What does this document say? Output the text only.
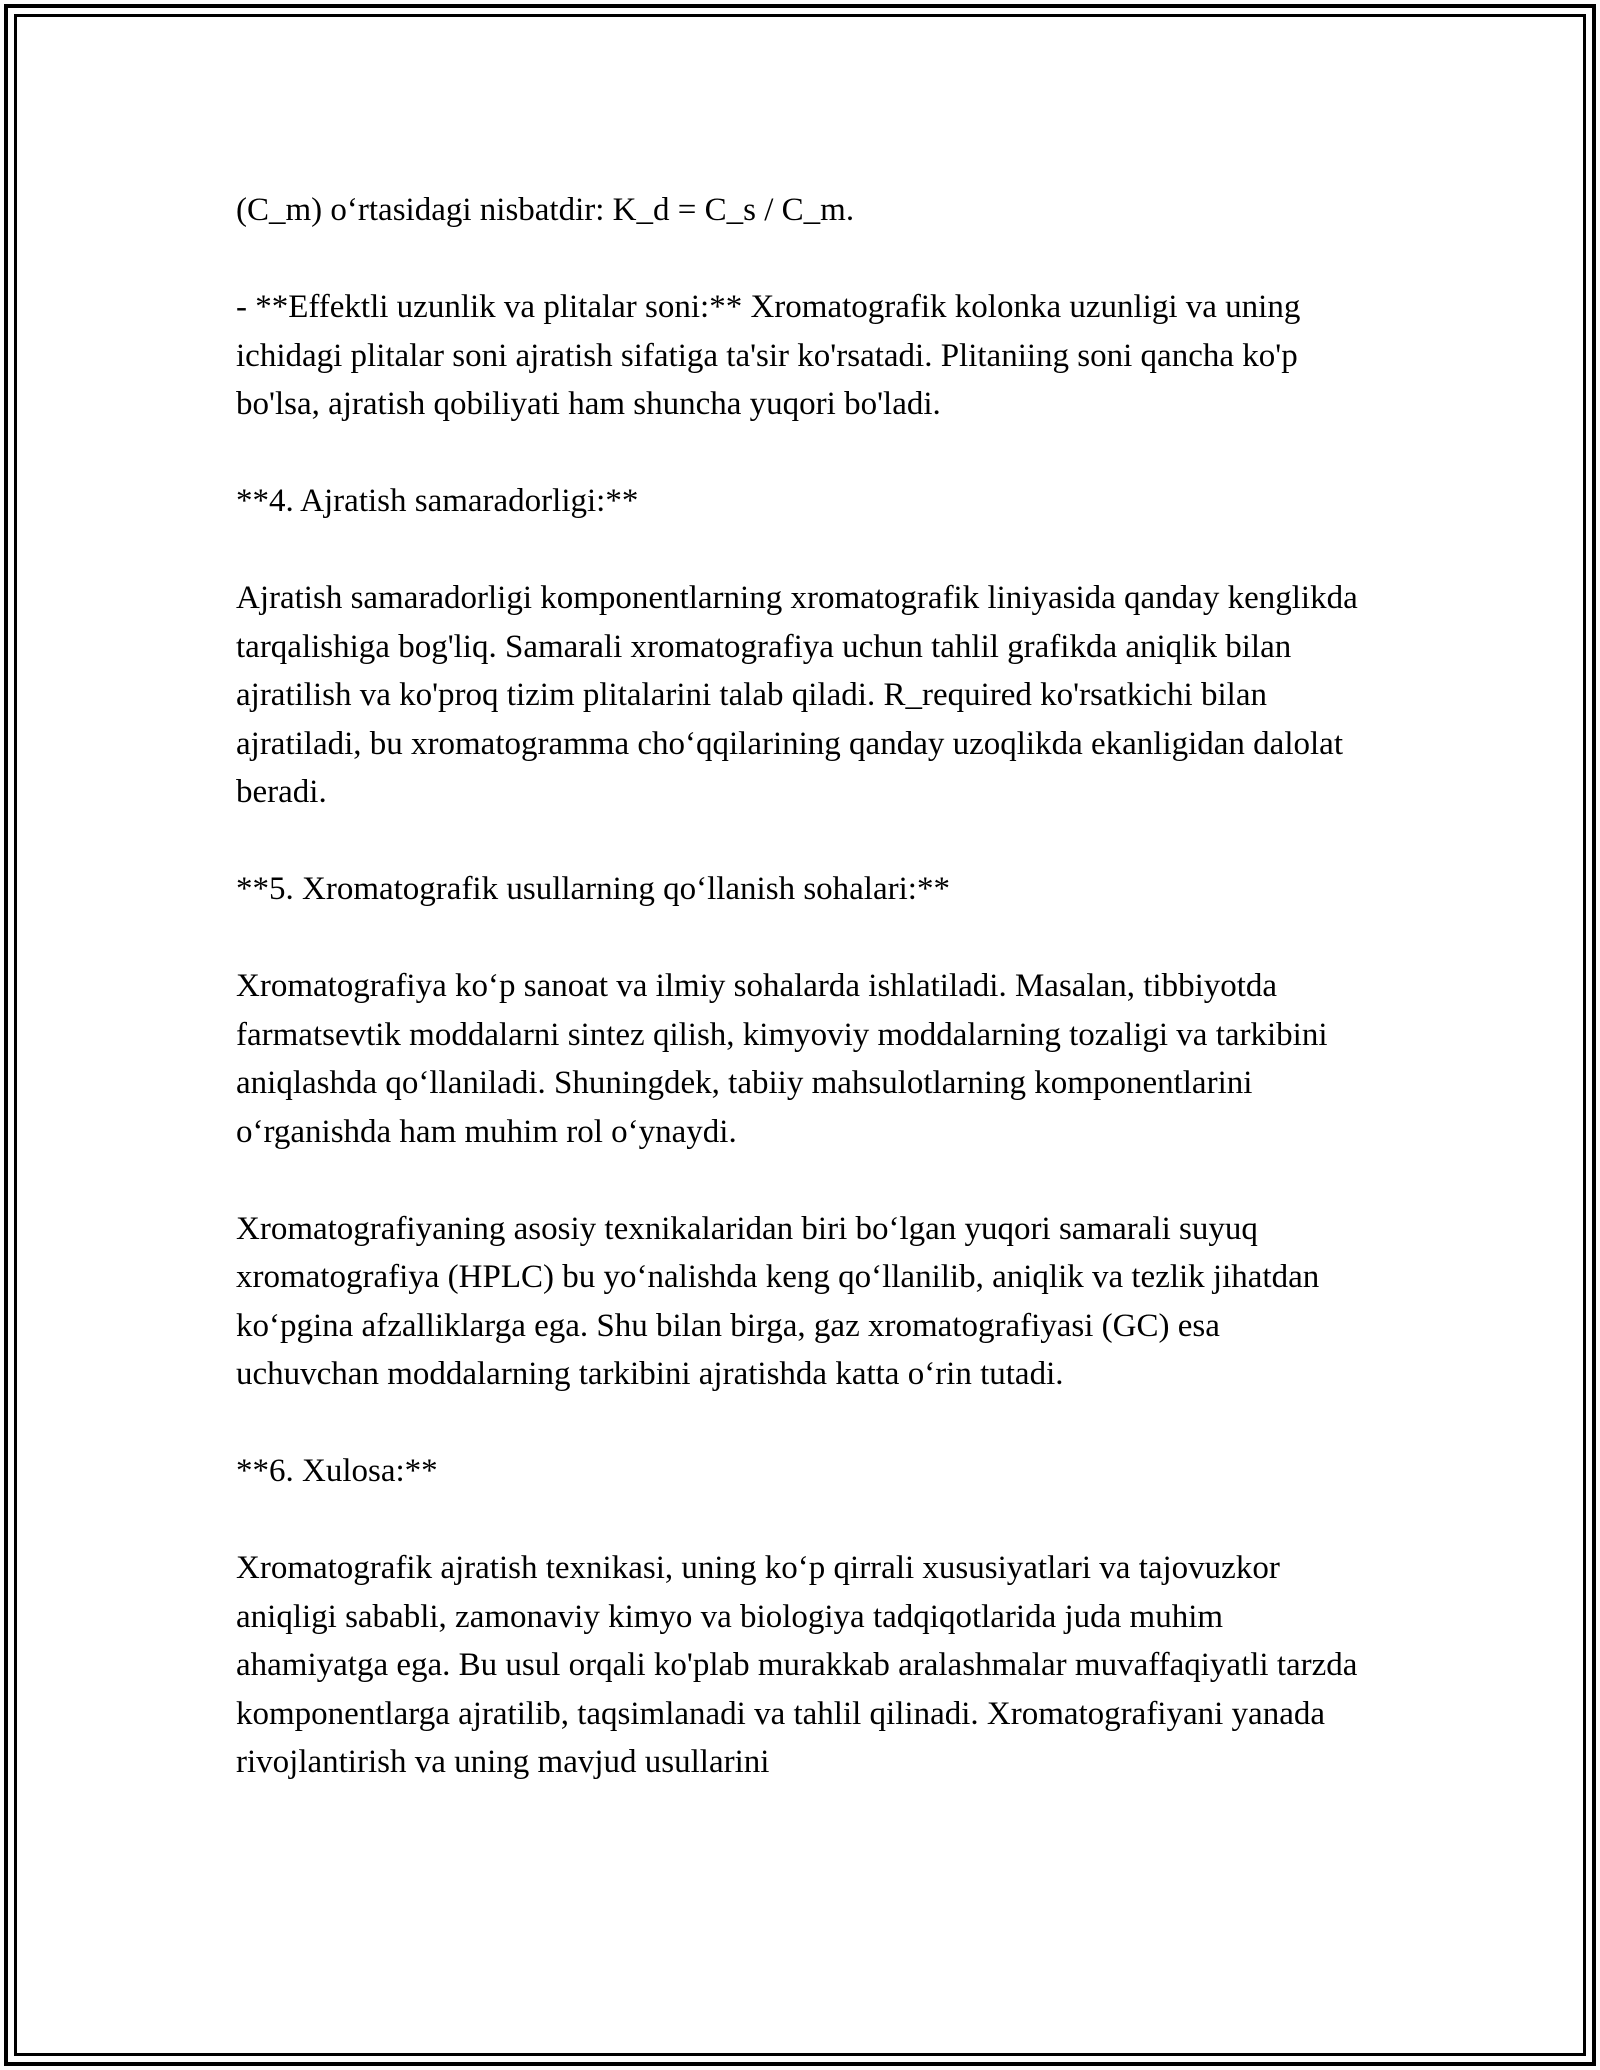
(C_m) o‘rtasidagi nisbatdir: K_d = C_s / C_m.

- **Effektli uzunlik va plitalar soni:** Xromatografik kolonka uzunligi va uning ichidagi plitalar soni ajratish sifatiga ta'sir ko'rsatadi. Plitaniing soni qancha ko'p bo'lsa, ajratish qobiliyati ham shuncha yuqori bo'ladi.

**4. Ajratish samaradorligi:**

Ajratish samaradorligi komponentlarning xromatografik liniyasida qanday kenglikda tarqalishiga bog'liq. Samarali xromatografiya uchun tahlil grafikda aniqlik bilan ajratilish va ko'proq tizim plitalarini talab qiladi. R_required ko'rsatkichi bilan ajratiladi, bu xromatogramma cho‘qqilarining qanday uzoqlikda ekanligidan dalolat beradi.

**5. Xromatografik usullarning qo‘llanish sohalari:**

Xromatografiya ko‘p sanoat va ilmiy sohalarda ishlatiladi. Masalan, tibbiyotda farmatsevtik moddalarni sintez qilish, kimyoviy moddalarning tozaligi va tarkibini aniqlashda qo‘llaniladi. Shuningdek, tabiiy mahsulotlarning komponentlarini o‘rganishda ham muhim rol o‘ynaydi.

Xromatografiyaning asosiy texnikalaridan biri bo‘lgan yuqori samarali suyuq xromatografiya (HPLC) bu yo‘nalishda keng qo‘llanilib, aniqlik va tezlik jihatdan ko‘pgina afzalliklarga ega. Shu bilan birga, gaz xromatografiyasi (GC) esa uchuvchan moddalarning tarkibini ajratishda katta o‘rin tutadi.

**6. Xulosa:**

Xromatografik ajratish texnikasi, uning ko‘p qirrali xususiyatlari va tajovuzkor aniqligi sababli, zamonaviy kimyo va biologiya tadqiqotlarida juda muhim ahamiyatga ega. Bu usul orqali ko'plab murakkab aralashmalar muvaffaqiyatli tarzda komponentlarga ajratilib, taqsimlanadi va tahlil qilinadi. Xromatografiyani yanada rivojlantirish va uning mavjud usullarini
